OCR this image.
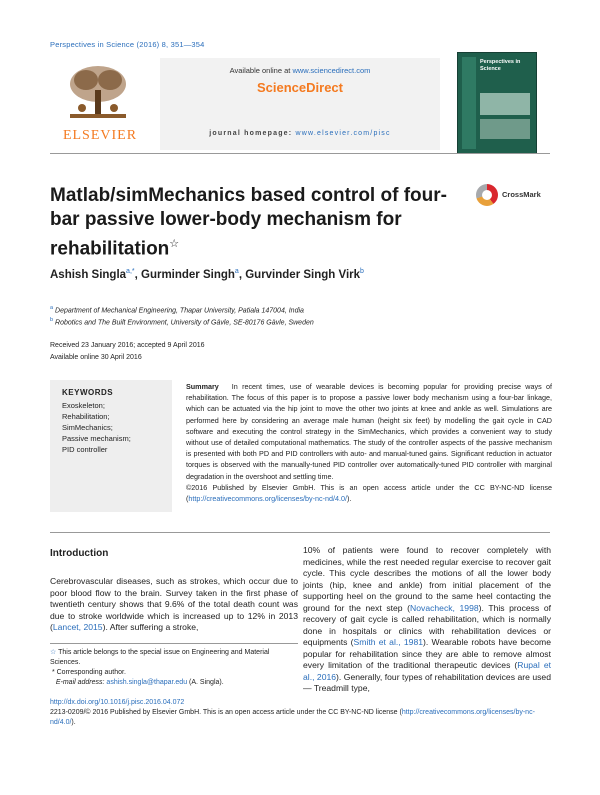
Perspectives in Science (2016) 8, 351—354
ELSEVIER
Available online at www.sciencedirect.com
ScienceDirect
journal homepage: www.elsevier.com/pisc
Perspectives in Science
Matlab/simMechanics based control of four-bar passive lower-body mechanism for rehabilitation☆
CrossMark
Ashish Singla$^{a,*}$, Gurminder Singh$^a$, Gurvinder Singh Virk$^b$
$^a$ Department of Mechanical Engineering, Thapar University, Patiala 147004, India
$^b$ Robotics and The Built Environment, University of Gävle, SE-80176 Gävle, Sweden
Received 23 January 2016; accepted 9 April 2016
Available online 30 April 2016
KEYWORDS
Exoskeleton;
Rehabilitation;
SimMechanics;
Passive mechanism;
PID controller
Summary In recent times, use of wearable devices is becoming popular for providing precise ways of rehabilitation. The focus of this paper is to propose a passive lower body mechanism using a four-bar linkage, which can be actuated via the hip joint to move the other two joints at knee and ankle as well. Simulations are performed here by considering an average male human (height six feet) by modelling the gait cycle in CAD software and executing the control strategy in the SimMechanics, which provides a convenient way to study without use of detailed computational mathematics. The study of the controller aspects of the passive mechanism is presented with both PD and PID controllers with auto- and manual-tuned gains. Significant reduction in actuator torques is observed with the manually-tuned PID controller over automatically-tuned PID controller with marginal degradation in the overshoot and settling time.
©2016 Published by Elsevier GmbH. This is an open access article under the CC BY-NC-ND license (http://creativecommons.org/licenses/by-nc-nd/4.0/).
Introduction
Cerebrovascular diseases, such as strokes, which occur due to poor blood flow to the brain. Survey taken in the first phase of twentieth century shows that 9.6% of the total death count was due to stroke worldwide which is increased up to 12% in 2013 (Lancet, 2015). After suffering a stroke,
10% of patients were found to recover completely with medicines, while the rest needed regular exercise to recover gait cycle. This cycle describes the motions of all the lower body joints (hip, knee and ankle) from initial placement of the supporting heel on the ground to the same heel contacting the ground for the next step (Novacheck, 1998). This process of recovery of gait cycle is called rehabilitation, which is normally done in hospitals or clinics with rehabilitation devices or equipments (Smith et al., 1981). Wearable robots have become popular for rehabilitation since they are able to remove almost every limitation of the traditional therapeutic devices (Rupal et al., 2016). Generally, four types of rehabilitation devices are used — Treadmill type,
☆ This article belongs to the special issue on Engineering and Material Sciences.
* Corresponding author.
E-mail address: ashish.singla@thapar.edu (A. Singla).
http://dx.doi.org/10.1016/j.pisc.2016.04.072
2213-0209/© 2016 Published by Elsevier GmbH. This is an open access article under the CC BY-NC-ND license (http://creativecommons.org/licenses/by-nc-nd/4.0/).
